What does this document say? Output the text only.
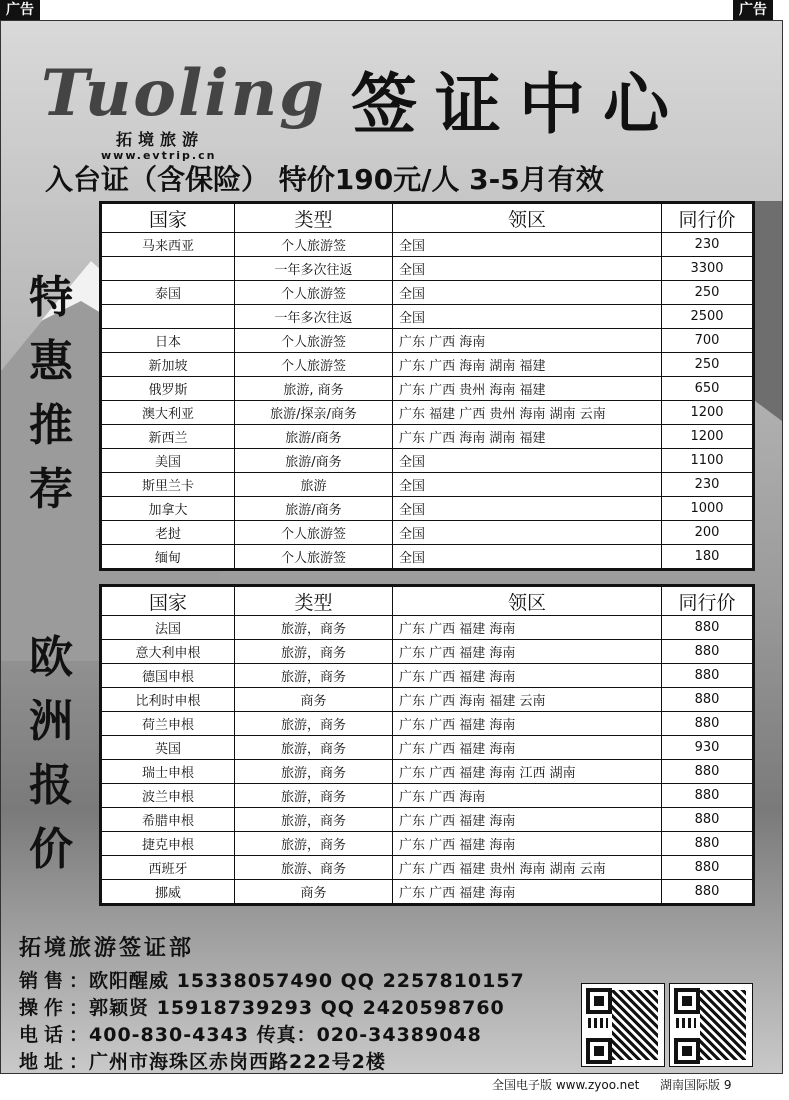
广告	广告
Tuoling
拓境旅游
www.evtrip.cn
签证中心
入台证（含保险） 特价190元/人 3-5月有效
特
惠
推
荐
欧
洲
报
价
国家	类型	领区	同行价
马来西亚	个人旅游签	全国	230
	一年多次往返	全国	3300
泰国	个人旅游签	全国	250
	一年多次往返	全国	2500
日本	个人旅游签	广东 广西 海南	700
新加坡	个人旅游签	广东 广西 海南 湖南 福建	250
俄罗斯	旅游, 商务	广东 广西 贵州 海南 福建	650
澳大利亚	旅游/探亲/商务	广东 福建 广西 贵州 海南 湖南 云南	1200
新西兰	旅游/商务	广东 广西 海南 湖南 福建	1200
美国	旅游/商务	全国	1100
斯里兰卡	旅游	全国	230
加拿大	旅游/商务	全国	1000
老挝	个人旅游签	全国	200
缅甸	个人旅游签	全国	180
国家	类型	领区	同行价
法国	旅游，商务	广东 广西 福建 海南	880
意大利申根	旅游，商务	广东 广西 福建 海南	880
德国申根	旅游，商务	广东 广西 福建 海南	880
比利时申根	商务	广东 广西 海南 福建 云南	880
荷兰申根	旅游，商务	广东 广西 福建 海南	880
英国	旅游，商务	广东 广西 福建 海南	930
瑞士申根	旅游，商务	广东 广西 福建 海南 江西 湖南	880
波兰申根	旅游，商务	广东 广西 海南	880
希腊申根	旅游，商务	广东 广西 福建 海南	880
捷克申根	旅游，商务	广东 广西 福建 海南	880
西班牙	旅游、商务	广东 广西 福建 贵州 海南 湖南 云南	880
挪威	商务	广东 广西 福建 海南	880
拓境旅游签证部
销售：欧阳醒威 15338057490 QQ 2257810157
操作：郭颖贤 15918739293 QQ 2420598760
电话：400-830-4343 传真：020-34389048
地址：广州市海珠区赤岗西路222号2楼
全国电子版 www.zyoo.net 湖南国际版 9
